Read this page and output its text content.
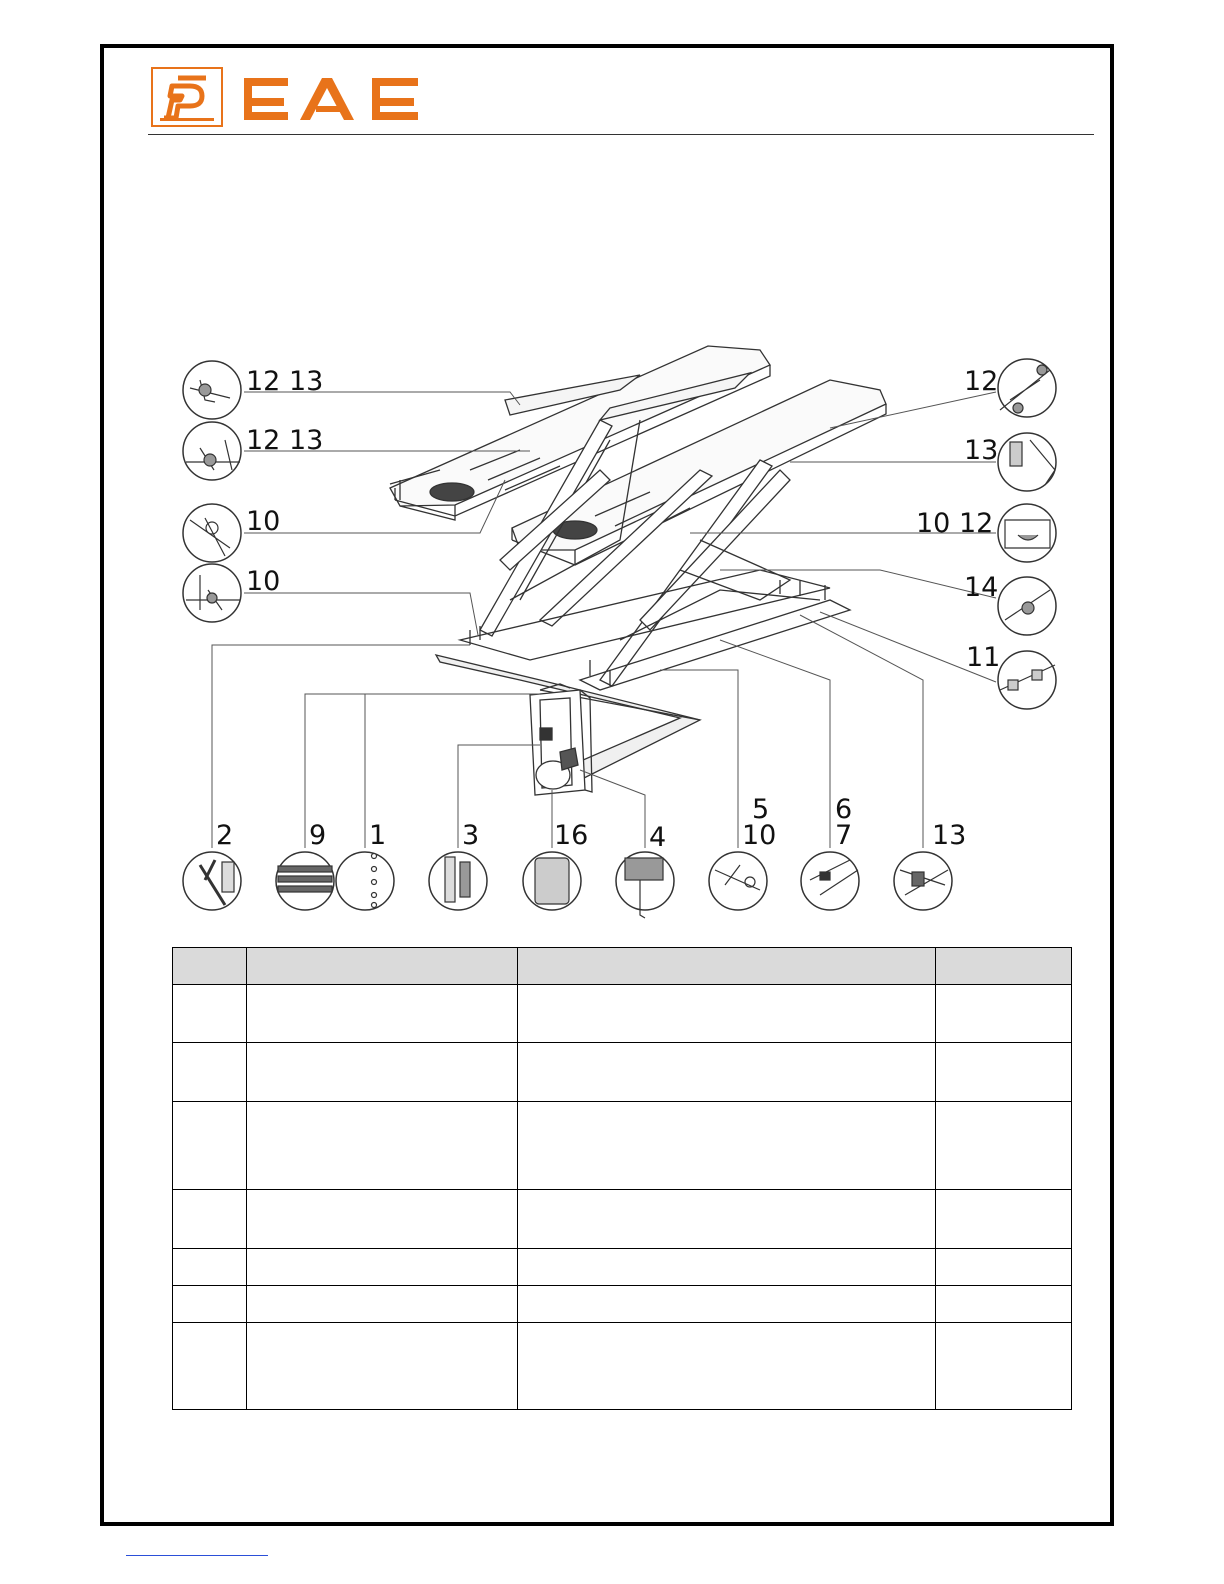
12 13
12 13
10
10
12
13
10 12
14
11
2	9 1	3	16 4
5
10
6
7	13
